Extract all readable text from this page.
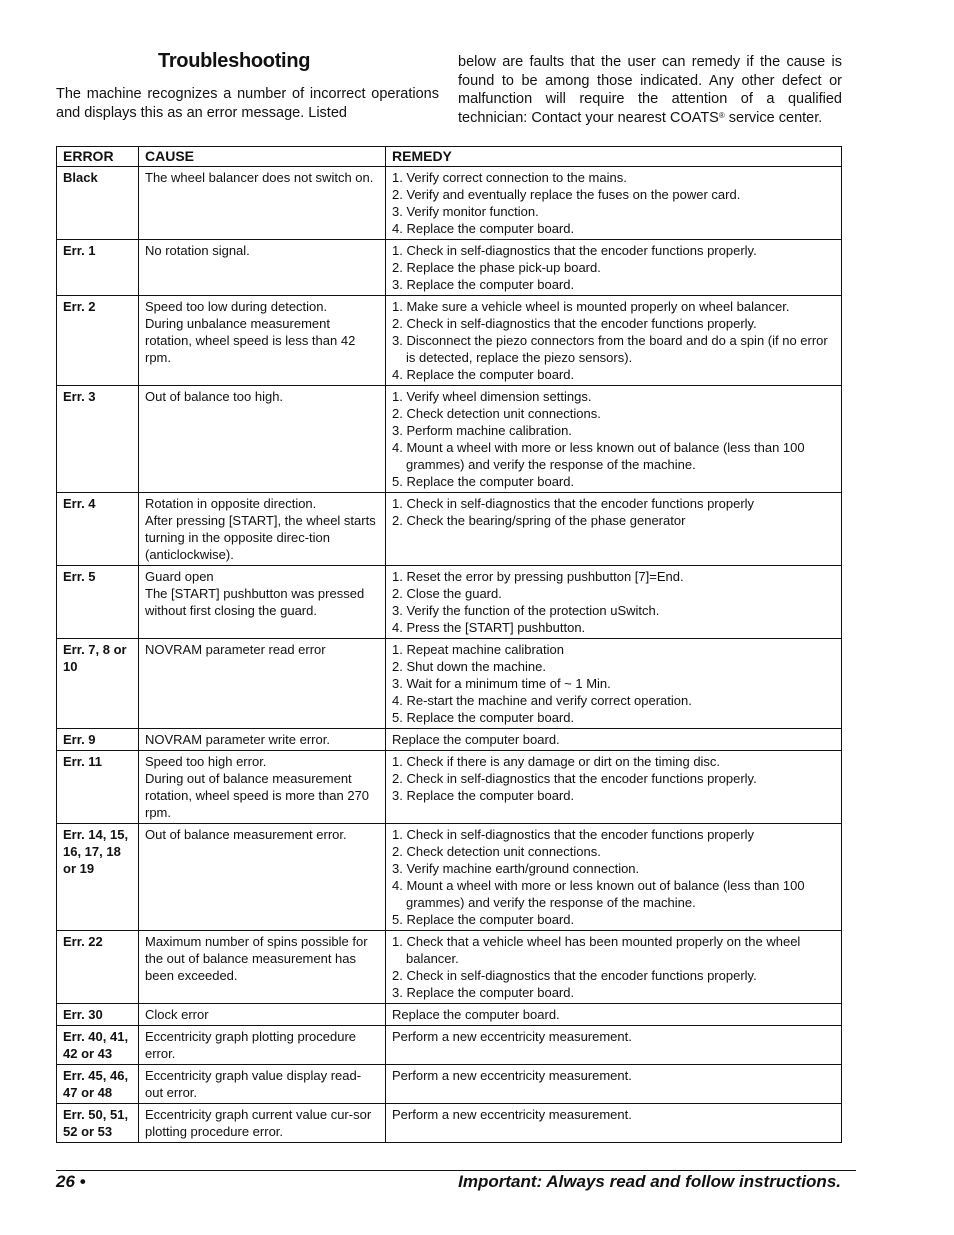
Troubleshooting
The machine recognizes a number of incorrect operations and displays this as an error message. Listed
below are faults that the user can remedy if the cause is found to be among those indicated. Any other defect or malfunction will require the attention of a qualified technician: Contact your nearest COATS® service center.
ERROR	CAUSE	REMEDY
Black	The wheel balancer does not switch on.	1. Verify correct connection to the mains.
2. Verify and eventually replace the fuses on the power card.
3. Verify monitor function.
4. Replace the computer board.

Err. 1	No rotation signal.	1. Check in self-diagnostics that the encoder functions properly.
2. Replace the phase pick-up board.
3. Replace the computer board.

Err. 2	Speed too low during detection.
During unbalance measurement rotation, wheel speed is less than 42 rpm.	1. Make sure a vehicle wheel is mounted properly on wheel balancer.
2. Check in self-diagnostics that the encoder functions properly.
3. Disconnect the piezo connectors from the board and do a spin (if no error is detected, replace the piezo sensors).
4. Replace the computer board.

Err. 3	Out of balance too high.	1. Verify wheel dimension settings.
2. Check detection unit connections.
3. Perform machine calibration.
4. Mount a wheel with more or less known out of balance (less than 100 grammes) and verify the response of the machine.
5. Replace the computer board.

Err. 4	Rotation in opposite direction.
After pressing [START], the wheel starts turning in the opposite direc-tion (anticlockwise).	1. Check in self-diagnostics that the encoder functions properly
2. Check the bearing/spring of the phase generator

Err. 5	Guard open
The [START] pushbutton was pressed without first closing the guard.	1. Reset the error by pressing pushbutton [7]=End.
2. Close the guard.
3. Verify the function of the protection uSwitch.
4. Press the [START] pushbutton.

Err. 7, 8 or 10	NOVRAM parameter read error	1. Repeat machine calibration
2. Shut down the machine.
3. Wait for a minimum time of ~ 1 Min.
4. Re-start the machine and verify correct operation.
5. Replace the computer board.

Err. 9	NOVRAM parameter write error.	Replace the computer board.

Err. 11	Speed too high error.
During out of balance measurement rotation, wheel speed is more than 270 rpm.	1. Check if there is any damage or dirt on the timing disc.
2. Check in self-diagnostics that the encoder functions properly.
3. Replace the computer board.

Err. 14, 15, 16, 17, 18 or 19	Out of balance measurement error.	1. Check in self-diagnostics that the encoder functions properly
2. Check detection unit connections.
3. Verify machine earth/ground connection.
4. Mount a wheel with more or less known out of balance (less than 100 grammes) and verify the response of the machine.
5. Replace the computer board.

Err. 22	Maximum number of spins possible for the out of balance measurement has been exceeded.	1. Check that a vehicle wheel has been mounted properly on the wheel balancer.
2. Check in self-diagnostics that the encoder functions properly.
3. Replace the computer board.

Err. 30	Clock error	Replace the computer board.

Err. 40, 41, 42 or 43	Eccentricity graph plotting procedure error.	Perform a new eccentricity measurement.

Err. 45, 46, 47 or 48	Eccentricity graph value display read-out error.	Perform a new eccentricity measurement.

Err. 50, 51, 52 or 53	Eccentricity graph current value cur-sor plotting procedure error.	Perform a new eccentricity measurement.
26 •	Important: Always read and follow instructions.
